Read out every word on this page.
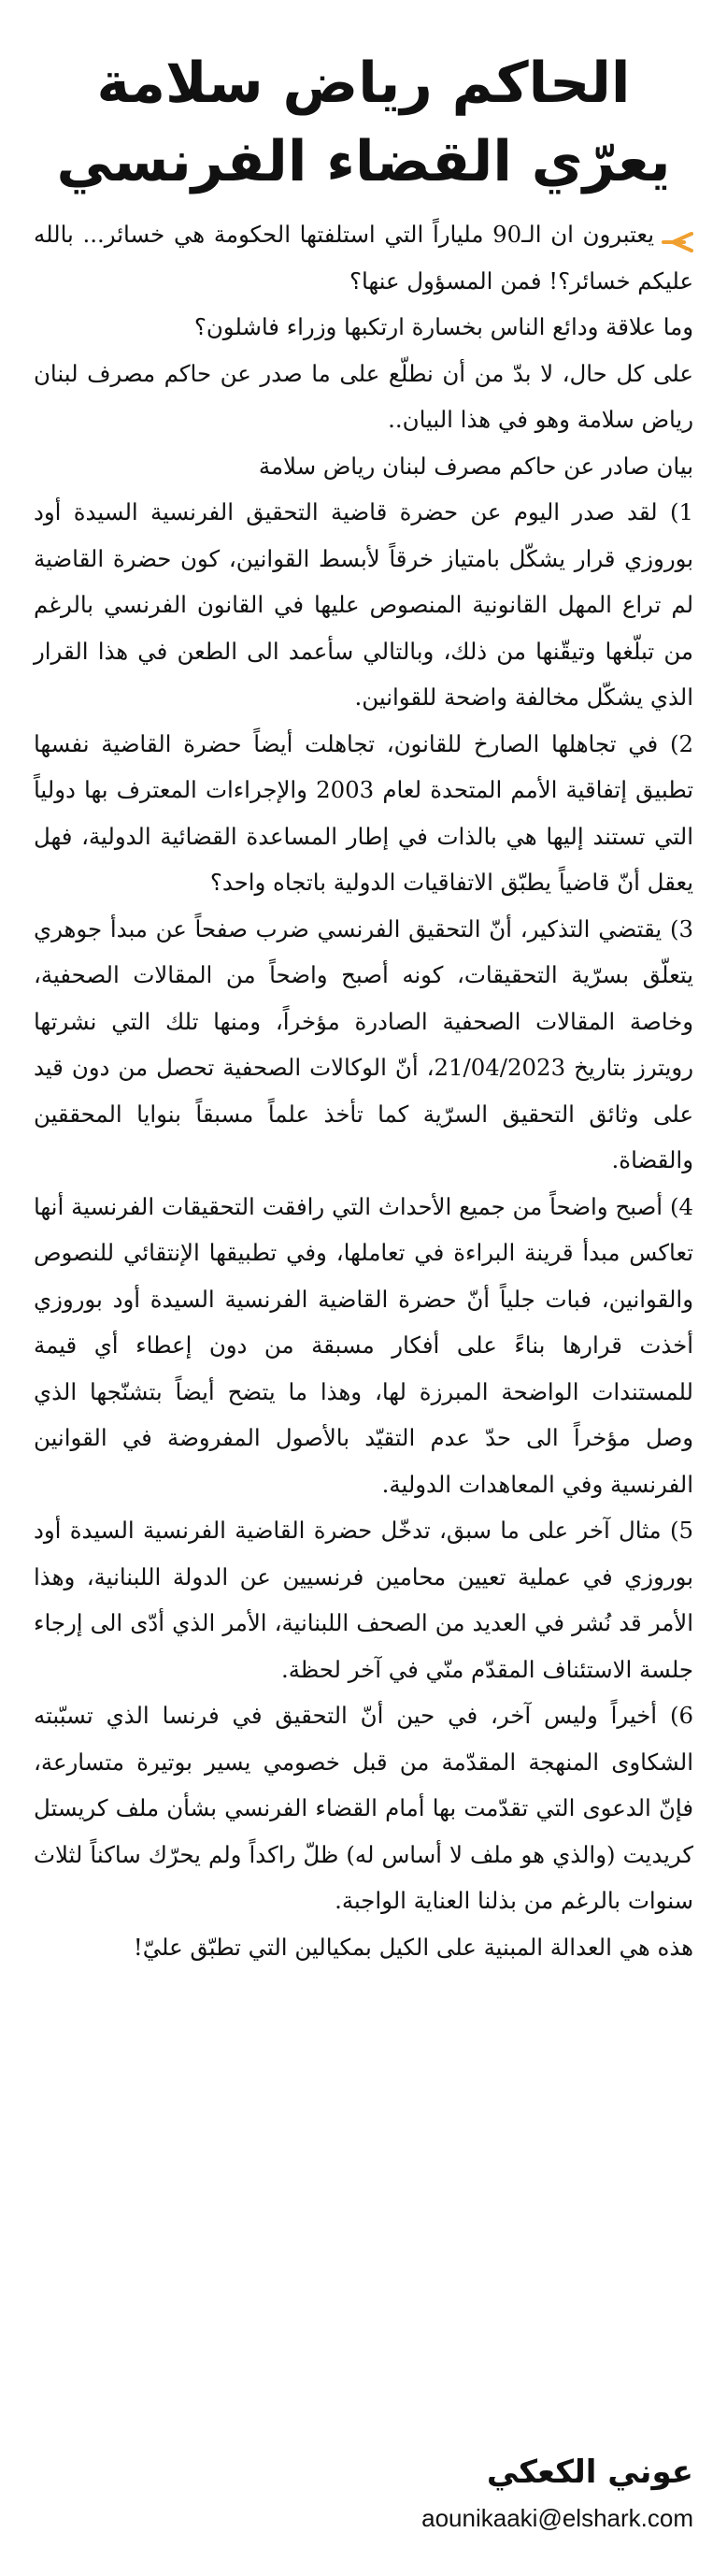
الحاكم رياض سلامة
يعرّي القضاء الفرنسي

يعتبرون ان الـ90 ملياراً التي استلفتها الحكومة هي خسائر... بالله عليكم خسائر؟! فمن المسؤول عنها؟

وما علاقة ودائع الناس بخسارة ارتكبها وزراء فاشلون؟

على كل حال، لا بدّ من أن نطلّع على ما صدر عن حاكم مصرف لبنان رياض سلامة وهو في هذا البيان..

بيان صادر عن حاكم مصرف لبنان رياض سلامة

1) لقد صدر اليوم عن حضرة قاضية التحقيق الفرنسية السيدة أود بوروزي قرار يشكّل بامتياز خرقاً لأبسط القوانين، كون حضرة القاضية لم تراع المهل القانونية المنصوص عليها في القانون الفرنسي بالرغم من تبلّغها وتيقّنها من ذلك، وبالتالي سأعمد الى الطعن في هذا القرار الذي يشكّل مخالفة واضحة للقوانين.

2) في تجاهلها الصارخ للقانون، تجاهلت أيضاً حضرة القاضية نفسها تطبيق إتفاقية الأمم المتحدة لعام 2003 والإجراءات المعترف بها دولياً التي تستند إليها هي بالذات في إطار المساعدة القضائية الدولية، فهل يعقل أنّ قاضياً يطبّق الاتفاقيات الدولية باتجاه واحد؟

3) يقتضي التذكير، أنّ التحقيق الفرنسي ضرب صفحاً عن مبدأ جوهري يتعلّق بسرّية التحقيقات، كونه أصبح واضحاً من المقالات الصحفية، وخاصة المقالات الصحفية الصادرة مؤخراً، ومنها تلك التي نشرتها رويترز بتاريخ 21/04/2023، أنّ الوكالات الصحفية تحصل من دون قيد على وثائق التحقيق السرّية كما تأخذ علماً مسبقاً بنوايا المحققين والقضاة.

4) أصبح واضحاً من جميع الأحداث التي رافقت التحقيقات الفرنسية أنها تعاكس مبدأ قرينة البراءة في تعاملها، وفي تطبيقها الإنتقائي للنصوص والقوانين، فبات جلياً أنّ حضرة القاضية الفرنسية السيدة أود بوروزي أخذت قرارها بناءً على أفكار مسبقة من دون إعطاء أي قيمة للمستندات الواضحة المبرزة لها، وهذا ما يتضح أيضاً بتشنّجها الذي وصل مؤخراً الى حدّ عدم التقيّد بالأصول المفروضة في القوانين الفرنسية وفي المعاهدات الدولية.

5) مثال آخر على ما سبق، تدخّل حضرة القاضية الفرنسية السيدة أود بوروزي في عملية تعيين محامين فرنسيين عن الدولة اللبنانية، وهذا الأمر قد نُشر في العديد من الصحف اللبنانية، الأمر الذي أدّى الى إرجاء جلسة الاستئناف المقدّم منّي في آخر لحظة.

6) أخيراً وليس آخر، في حين أنّ التحقيق في فرنسا الذي تسبّبته الشكاوى المنهجة المقدّمة من قبل خصومي يسير بوتيرة متسارعة، فإنّ الدعوى التي تقدّمت بها أمام القضاء الفرنسي بشأن ملف كريستل كريديت (والذي هو ملف لا أساس له) ظلّ راكداً ولم يحرّك ساكناً لثلاث سنوات بالرغم من بذلنا العناية الواجبة.

هذه هي العدالة المبنية على الكيل بمكيالين التي تطبّق عليّ!

عوني الكعكي
aounikaaki@elshark.com
